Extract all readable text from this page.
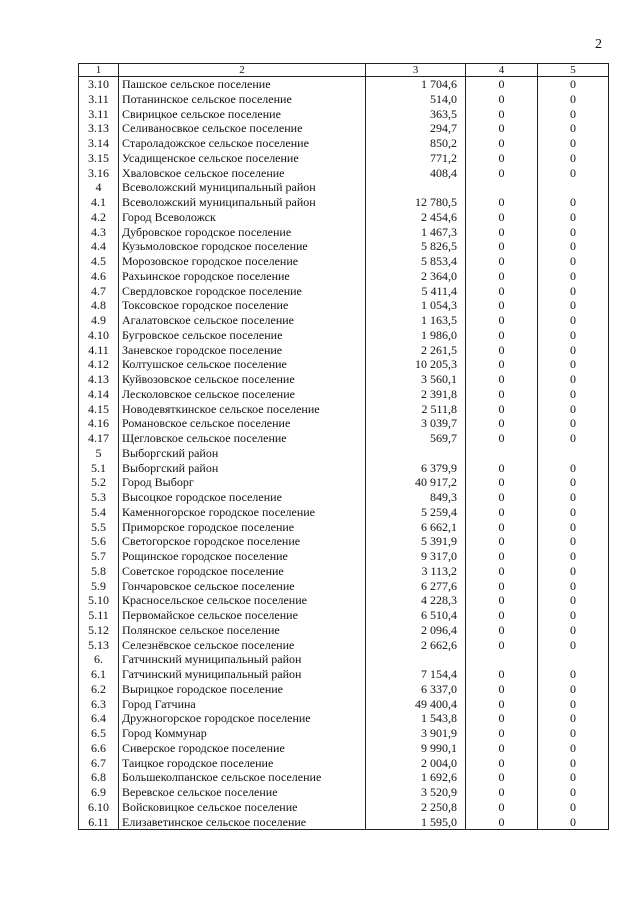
2
1	2	3	4	5
3.10	Пашское сельское поселение	1 704,6	0	0
3.11	Потанинское сельское поселение	514,0	0	0
3.11	Свирицкое сельское поселение	363,5	0	0
3.13	Селиваносвкое сельское поселение	294,7	0	0
3.14	Староладожское сельское поселение	850,2	0	0
3.15	Усадищенское сельское поселение	771,2	0	0
3.16	Хваловское сельское поселение	408,4	0	0
4	Всеволожский муниципальный район			
4.1	Всеволожский муниципальный район	12 780,5	0	0
4.2	Город Всеволожск	2 454,6	0	0
4.3	Дубровское городское поселение	1 467,3	0	0
4.4	Кузьмоловское городское поселение	5 826,5	0	0
4.5	Морозовское городское поселение	5 853,4	0	0
4.6	Рахьинское городское поселение	2 364,0	0	0
4.7	Свердловское городское поселение	5 411,4	0	0
4.8	Токсовское городское поселение	1 054,3	0	0
4.9	Агалатовское сельское поселение	1 163,5	0	0
4.10	Бугровское сельское поселение	1 986,0	0	0
4.11	Заневское городское поселение	2 261,5	0	0
4.12	Колтушское сельское поселение	10 205,3	0	0
4.13	Куйвозовское сельское поселение	3 560,1	0	0
4.14	Лесколовское сельское поселение	2 391,8	0	0
4.15	Новодевяткинское сельское поселение	2 511,8	0	0
4.16	Романовское сельское поселение	3 039,7	0	0
4.17	Щегловское сельское поселение	569,7	0	0
5	Выборгский район			
5.1	Выборгский район	6 379,9	0	0
5.2	Город Выборг	40 917,2	0	0
5.3	Высоцкое городское поселение	849,3	0	0
5.4	Каменногорское городское поселение	5 259,4	0	0
5.5	Приморское городское поселение	6 662,1	0	0
5.6	Светогорское городское поселение	5 391,9	0	0
5.7	Рощинское городское поселение	9 317,0	0	0
5.8	Советское городское поселение	3 113,2	0	0
5.9	Гончаровское сельское поселение	6 277,6	0	0
5.10	Красносельское сельское поселение	4 228,3	0	0
5.11	Первомайское сельское поселение	6 510,4	0	0
5.12	Полянское сельское поселение	2 096,4	0	0
5.13	Селезнёвское сельское поселение	2 662,6	0	0
6.	Гатчинский муниципальный район			
6.1	Гатчинский муниципальный район	7 154,4	0	0
6.2	Вырицкое городское поселение	6 337,0	0	0
6.3	Город Гатчина	49 400,4	0	0
6.4	Дружногорское городское поселение	1 543,8	0	0
6.5	Город Коммунар	3 901,9	0	0
6.6	Сиверское городское поселение	9 990,1	0	0
6.7	Таицкое городское поселение	2 004,0	0	0
6.8	Большеколпанское сельское поселение	1 692,6	0	0
6.9	Веревское сельское поселение	3 520,9	0	0
6.10	Войсковицкое сельское поселение	2 250,8	0	0
6.11	Елизаветинское сельское поселение	1 595,0	0	0
